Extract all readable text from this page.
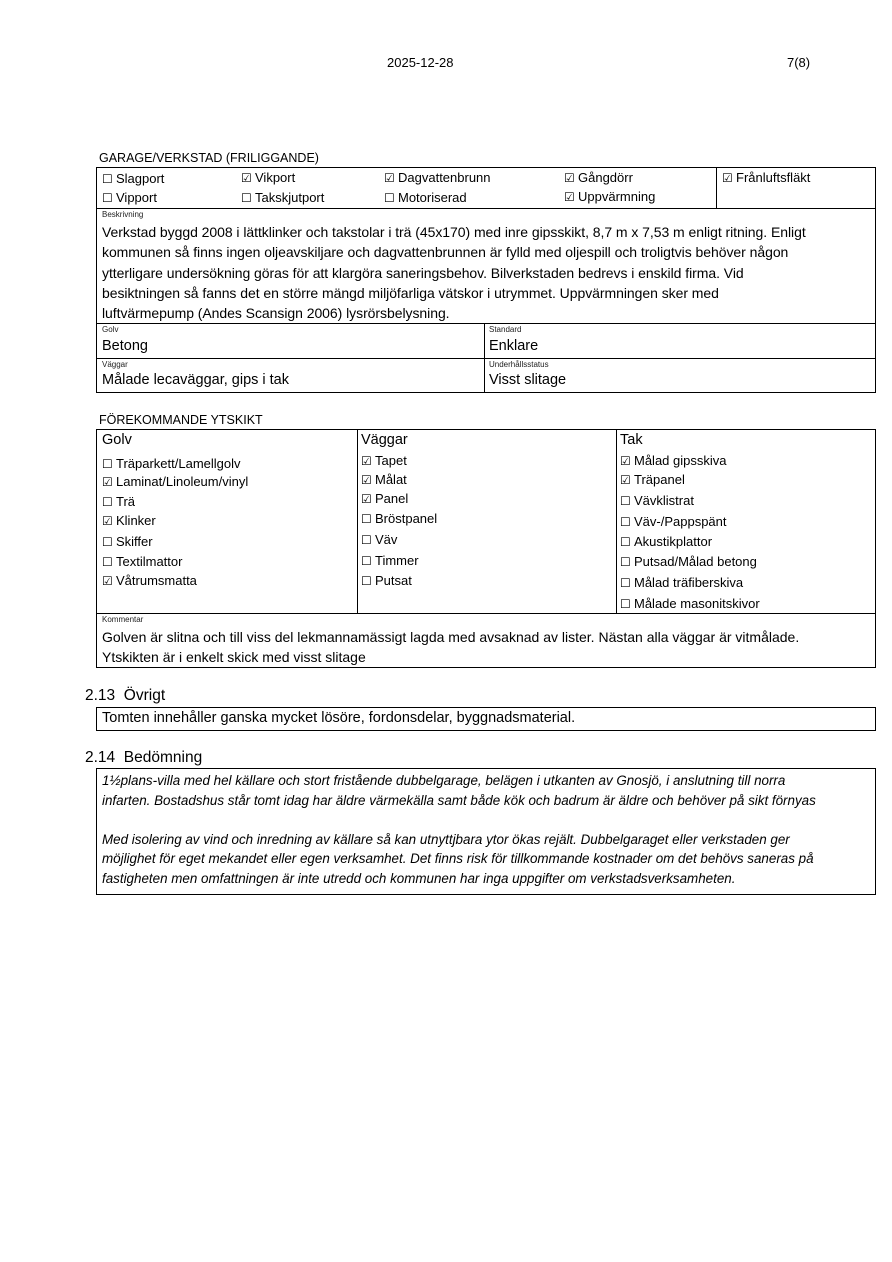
2025-12-28	7(8)
GARAGE/VERKSTAD (FRILIGGANDE)
☐ Slagport	☑ Vikport	☑ Dagvattenbrunn	☑ Gångdörr	☑ Frånluftsfläkt
☐ Vipport	☐ Takskjutport	☐ Motoriserad	☑ Uppvärmning
Beskrivning
Verkstad byggd 2008 i lättklinker och takstolar i trä (45x170) med inre gipsskikt, 8,7 m x 7,53 m enligt ritning. Enligt
kommunen så finns ingen oljeavskiljare och dagvattenbrunnen är fylld med oljespill och troligtvis behöver någon
ytterligare undersökning göras för att klargöra saneringsbehov. Bilverkstaden bedrevs i enskild firma. Vid
besiktningen så fanns det en större mängd miljöfarliga vätskor i utrymmet. Uppvärmningen sker med
luftvärmepump (Andes Scansign 2006) lysrörsbelysning.
Golv
Betong
Standard
Enklare
Väggar
Målade lecaväggar, gips i tak
Underhållsstatus
Visst slitage
FÖREKOMMANDE YTSKIKT
Golv
☐ Träparkett/Lamellgolv
☑ Laminat/Linoleum/vinyl
☐ Trä
☑ Klinker
☐ Skiffer
☐ Textilmattor
☑ Våtrumsmatta
Väggar
☑ Tapet
☑ Målat
☑ Panel
☐ Bröstpanel
☐ Väv
☐ Timmer
☐ Putsat
Tak
☑ Målad gipsskiva
☑ Träpanel
☐ Vävklistrat
☐ Väv-/Pappspänt
☐ Akustikplattor
☐ Putsad/Målad betong
☐ Målad träfiberskiva
☐ Målade masonitskivor
Kommentar
Golven är slitna och till viss del lekmannamässigt lagda med avsaknad av lister. Nästan alla väggar är vitmålade.
Ytskikten är i enkelt skick med visst slitage
2.13 Övrigt
Tomten innehåller ganska mycket lösöre, fordonsdelar, byggnadsmaterial.
2.14 Bedömning
1½plans-villa med hel källare och stort fristående dubbelgarage, belägen i utkanten av Gnosjö, i anslutning till norra
infarten. Bostadshus står tomt idag har äldre värmekälla samt både kök och badrum är äldre och behöver på sikt förnyas
Med isolering av vind och inredning av källare så kan utnyttjbara ytor ökas rejält. Dubbelgaraget eller verkstaden ger
möjlighet för eget mekandet eller egen verksamhet. Det finns risk för tillkommande kostnader om det behövs saneras på
fastigheten men omfattningen är inte utredd och kommunen har inga uppgifter om verkstadsverksamheten.
